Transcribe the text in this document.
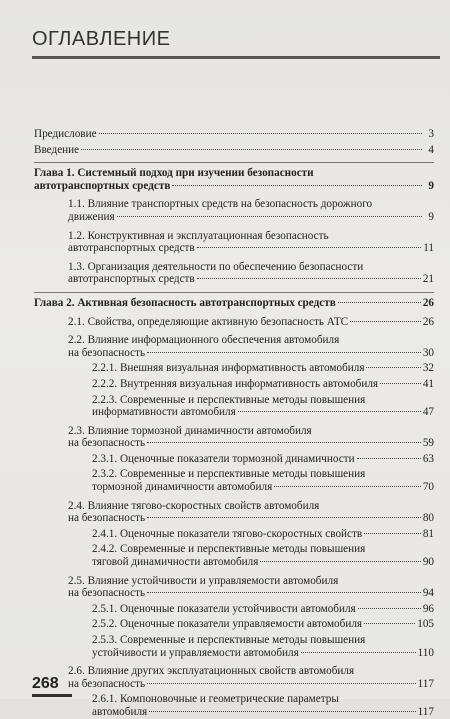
ОГЛАВЛЕНИЕ
Предисловие	3
Введение	4
Глава 1. Системный подход при изучении безопасности
автотранспортных средств	9
1.1. Влияние транспортных средств на безопасность дорожного
движения	9
1.2. Конструктивная и эксплуатационная безопасность
автотранспортных средств	11
1.3. Организация деятельности по обеспечению безопасности
автотранспортных средств	21
Глава 2. Активная безопасность автотранспортных средств	26
2.1. Свойства, определяющие активную безопасность АТС	26
2.2. Влияние информационного обеспечения автомобиля
на безопасность	30
2.2.1. Внешняя визуальная информативность автомобиля	32
2.2.2. Внутренняя визуальная информативность автомобиля	41
2.2.3. Современные и перспективные методы повышения
информативности автомобиля	47
2.3. Влияние тормозной динамичности автомобиля
на безопасность	59
2.3.1. Оценочные показатели тормозной динамичности	63
2.3.2. Современные и перспективные методы повышения
тормозной динамичности автомобиля	70
2.4. Влияние тягово-скоростных свойств автомобиля
на безопасность	80
2.4.1. Оценочные показатели тягово-скоростных свойств	81
2.4.2. Современные и перспективные методы повышения
тяговой динамичности автомобиля	90
2.5. Влияние устойчивости и управляемости автомобиля
на безопасность	94
2.5.1. Оценочные показатели устойчивости автомобиля	96
2.5.2. Оценочные показатели управляемости автомобиля	105
2.5.3. Современные и перспективные методы повышения
устойчивости и управляемости автомобиля	110
2.6. Влияние других эксплуатационных свойств автомобиля
на безопасность	117
2.6.1. Компоновочные и геометрические параметры
автомобиля	117
268
